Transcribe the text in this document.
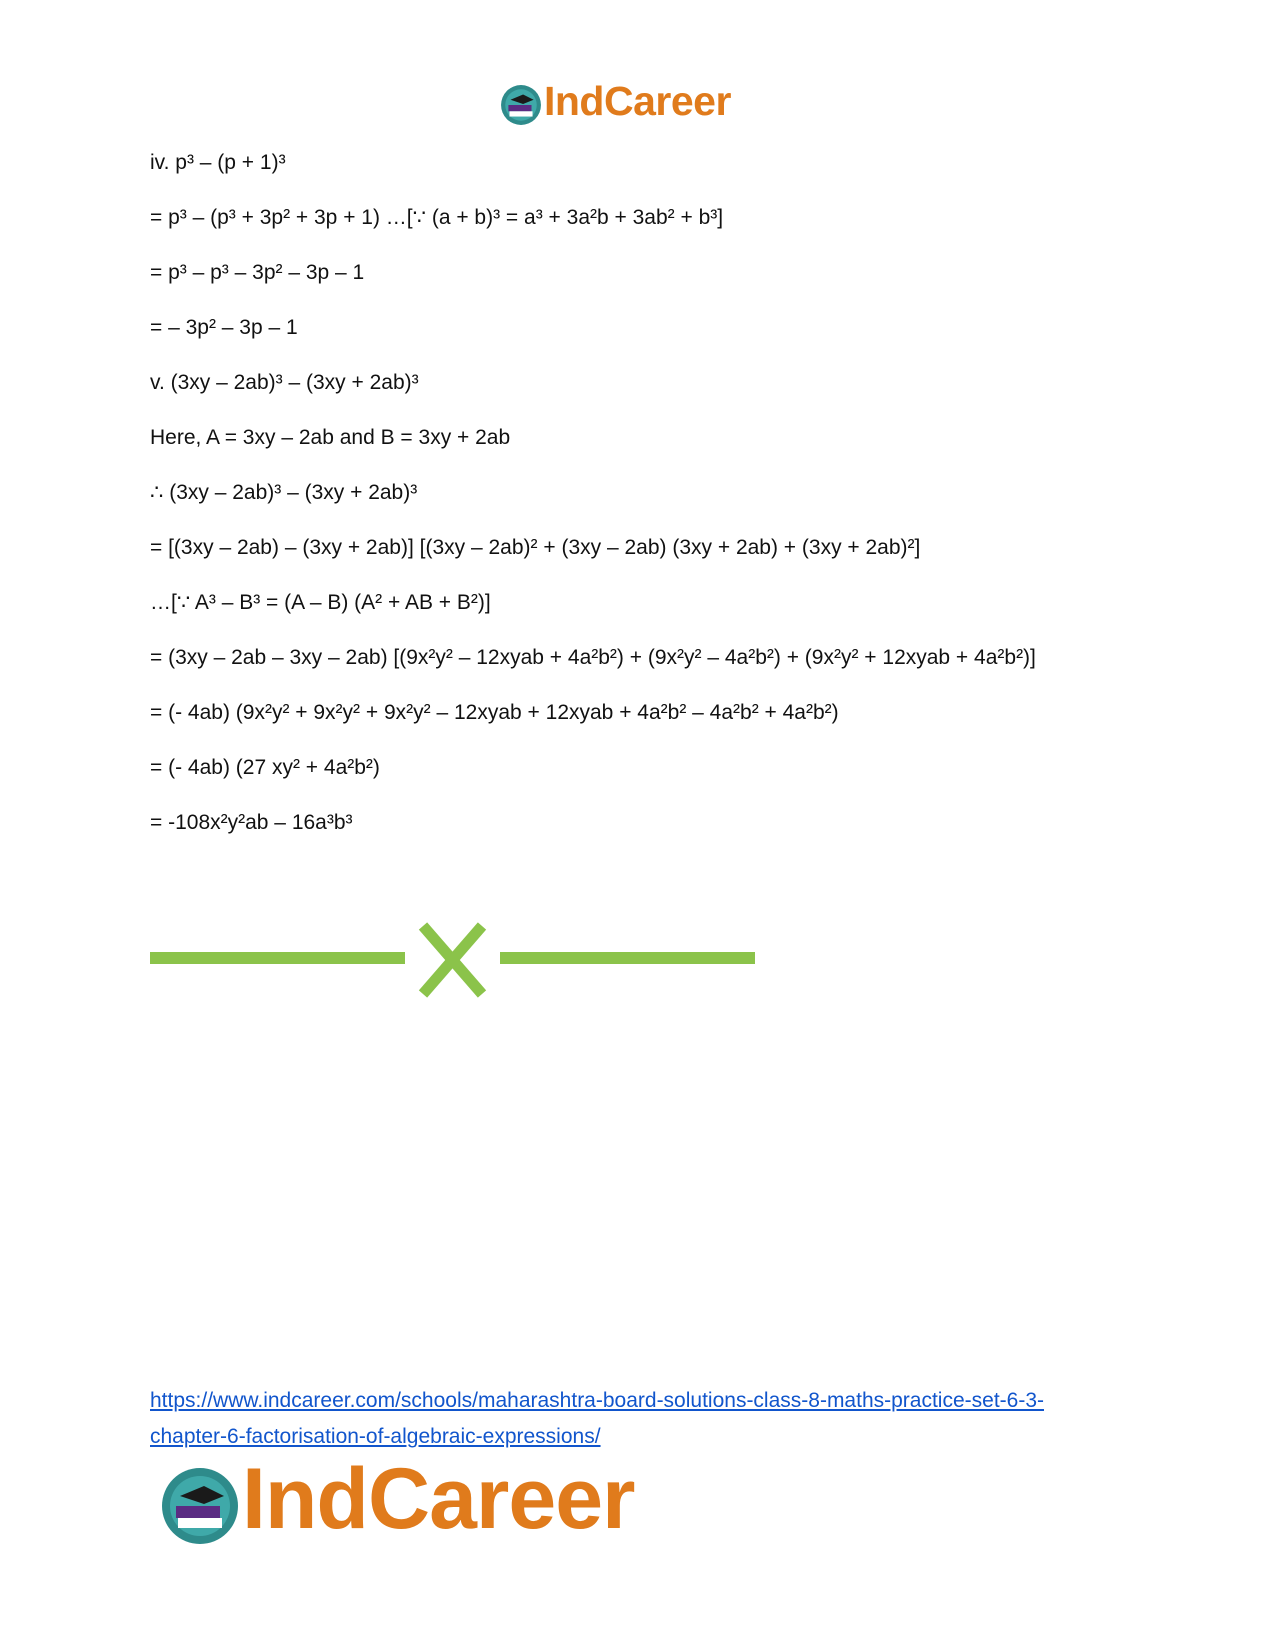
IndCareer
iv. p³ – (p + 1)³
= p³ – (p³ + 3p² + 3p + 1) …[∵ (a + b)³ = a³ + 3a²b + 3ab² + b³]
= p³ – p³ – 3p² – 3p – 1
= – 3p² – 3p – 1
v. (3xy – 2ab)³ – (3xy + 2ab)³
Here, A = 3xy – 2ab and B = 3xy + 2ab
∴ (3xy – 2ab)³ – (3xy + 2ab)³
= [(3xy – 2ab) – (3xy + 2ab)] [(3xy – 2ab)² + (3xy – 2ab) (3xy + 2ab) + (3xy + 2ab)²]
…[∵ A³ – B³ = (A – B) (A² + AB + B²)]
= (3xy – 2ab – 3xy – 2ab) [(9x²y² – 12xyab + 4a²b²) + (9x²y² – 4a²b²) + (9x²y² + 12xyab + 4a²b²)]
= (- 4ab) (9x²y² + 9x²y² + 9x²y² – 12xyab + 12xyab + 4a²b² – 4a²b² + 4a²b²)
= (- 4ab) (27 xy² + 4a²b²)
= -108x²y²ab – 16a³b³
https://www.indcareer.com/schools/maharashtra-board-solutions-class-8-maths-practice-set-6-3-
chapter-6-factorisation-of-algebraic-expressions/
IndCareer
